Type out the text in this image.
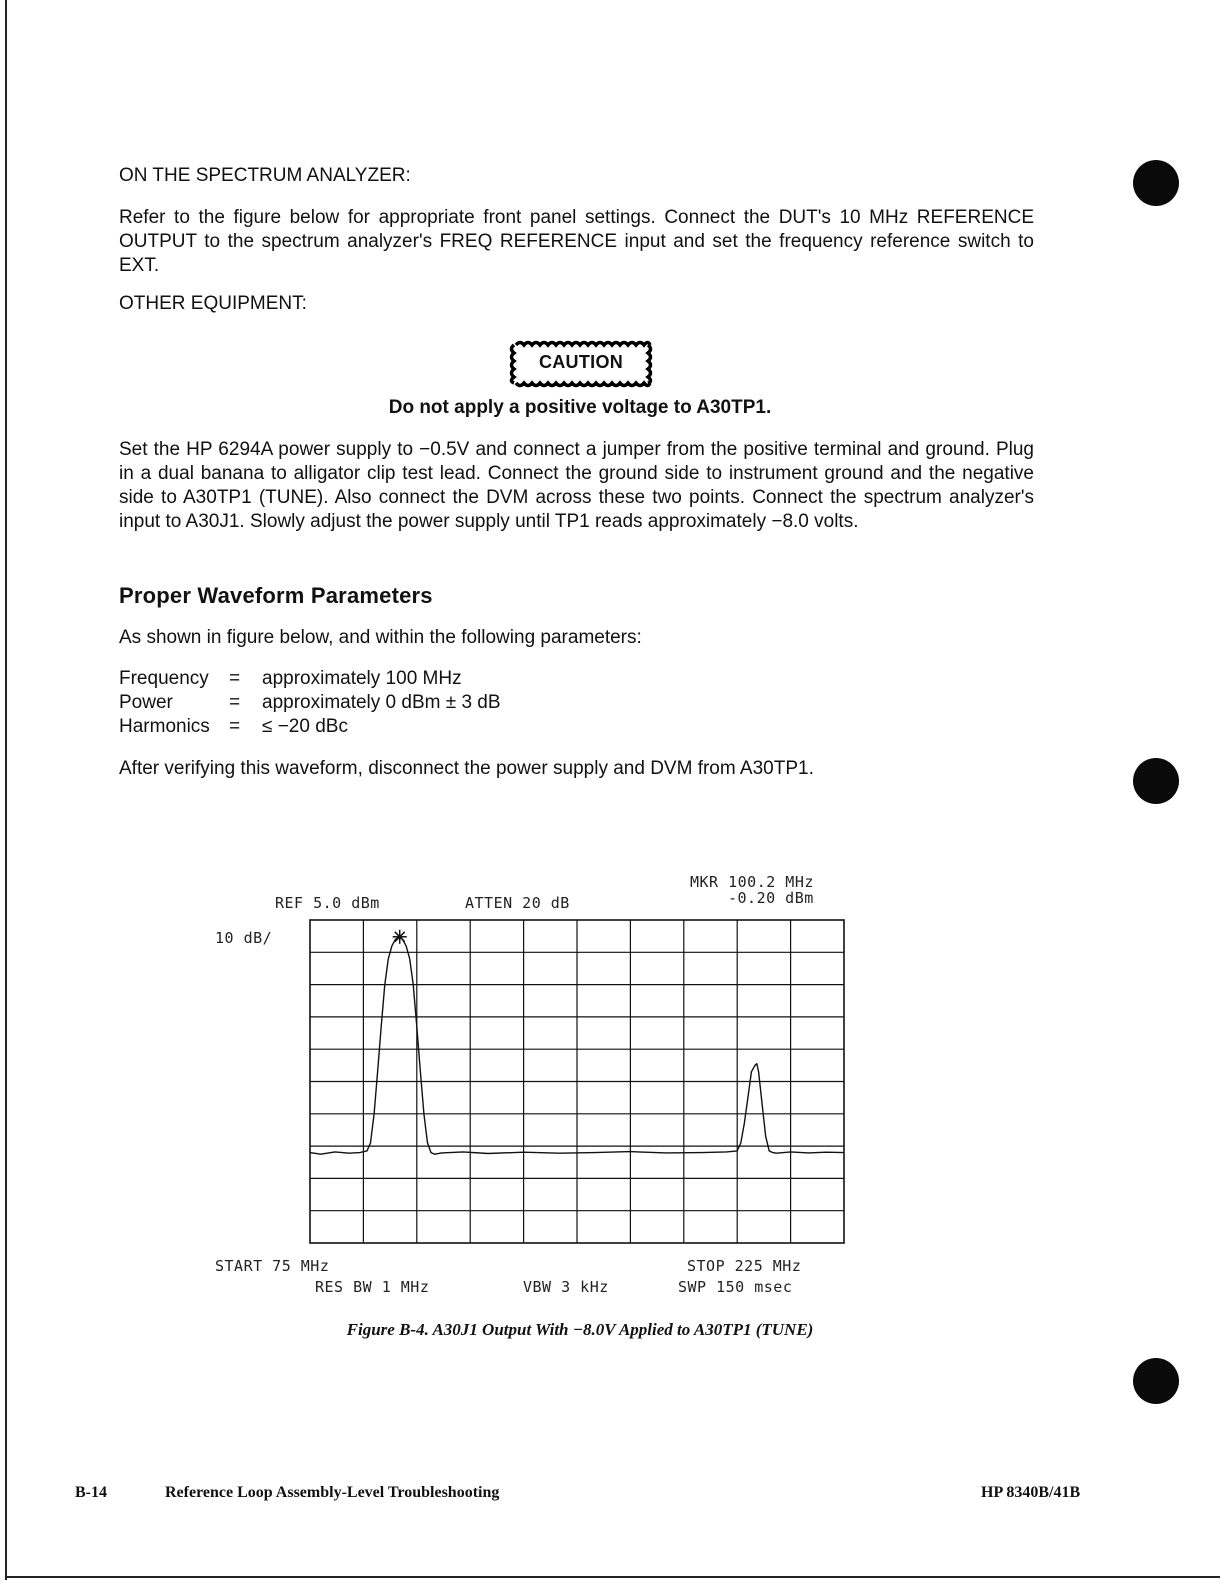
ON THE SPECTRUM ANALYZER:

Refer to the figure below for appropriate front panel settings. Connect the DUT's 10 MHz REFERENCE OUTPUT to the spectrum analyzer's FREQ REFERENCE input and set the frequency reference switch to EXT.

OTHER EQUIPMENT:

CAUTION

Do not apply a positive voltage to A30TP1.

Set the HP 6294A power supply to −0.5V and connect a jumper from the positive terminal and ground. Plug in a dual banana to alligator clip test lead. Connect the ground side to instrument ground and the negative side to A30TP1 (TUNE). Also connect the DVM across these two points. Connect the spectrum analyzer's input to A30J1. Slowly adjust the power supply until TP1 reads approximately −8.0 volts.

Proper Waveform Parameters

As shown in figure below, and within the following parameters:

Frequency	=	approximately 100 MHz
Power	=	approximately 0 dBm ± 3 dB
Harmonics	=	≤ −20 dBc

After verifying this waveform, disconnect the power supply and DVM from A30TP1.

MKR 100.2 MHz
-0.20 dBm
REF 5.0 dBm	ATTEN 20 dB
10 dB/
START 75 MHz	STOP 225 MHz
RES BW 1 MHz	VBW 3 kHz	SWP 150 msec
Figure B-4. A30J1 Output With −8.0V Applied to A30TP1 (TUNE)
B-14	Reference Loop Assembly-Level Troubleshooting	HP 8340B/41B
